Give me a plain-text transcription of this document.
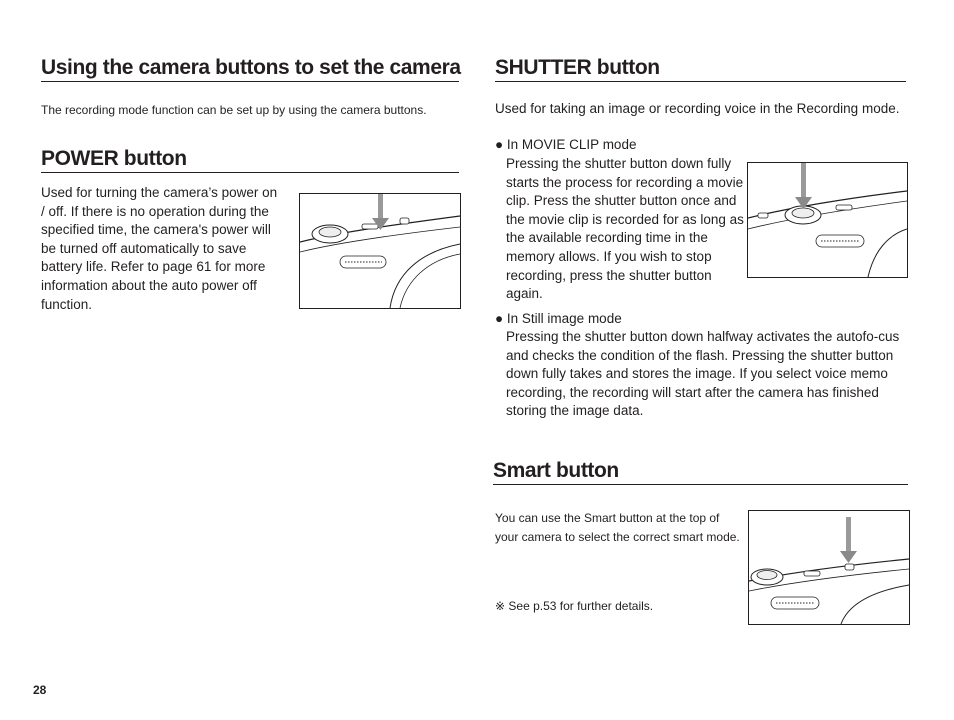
Using the camera buttons to set the camera
The recording mode function can be set up by using the camera buttons.
POWER button
Used for turning the camera’s power on / off. If there is no operation during the specified time, the camera's power will be turned off automatically to save battery life. Refer to page 61 for more information about the auto power off function.
SHUTTER button
Used for taking an image or recording voice in the Recording mode.
● In MOVIE CLIP mode
Pressing the shutter button down fully starts the process for recording a movie clip. Press the shutter button once and the movie clip is recorded for as long as the available recording time in the memory allows. If you wish to stop recording, press the shutter button again.
● In Still image mode
Pressing the shutter button down halfway activates the autofo-cus and checks the condition of the flash. Pressing the shutter button down fully takes and stores the image. If you select voice memo recording, the recording will start after the camera has finished storing the image data.
Smart button
You can use the Smart button at the top of your camera to select the correct smart mode.
※ See p.53 for further details.
28
